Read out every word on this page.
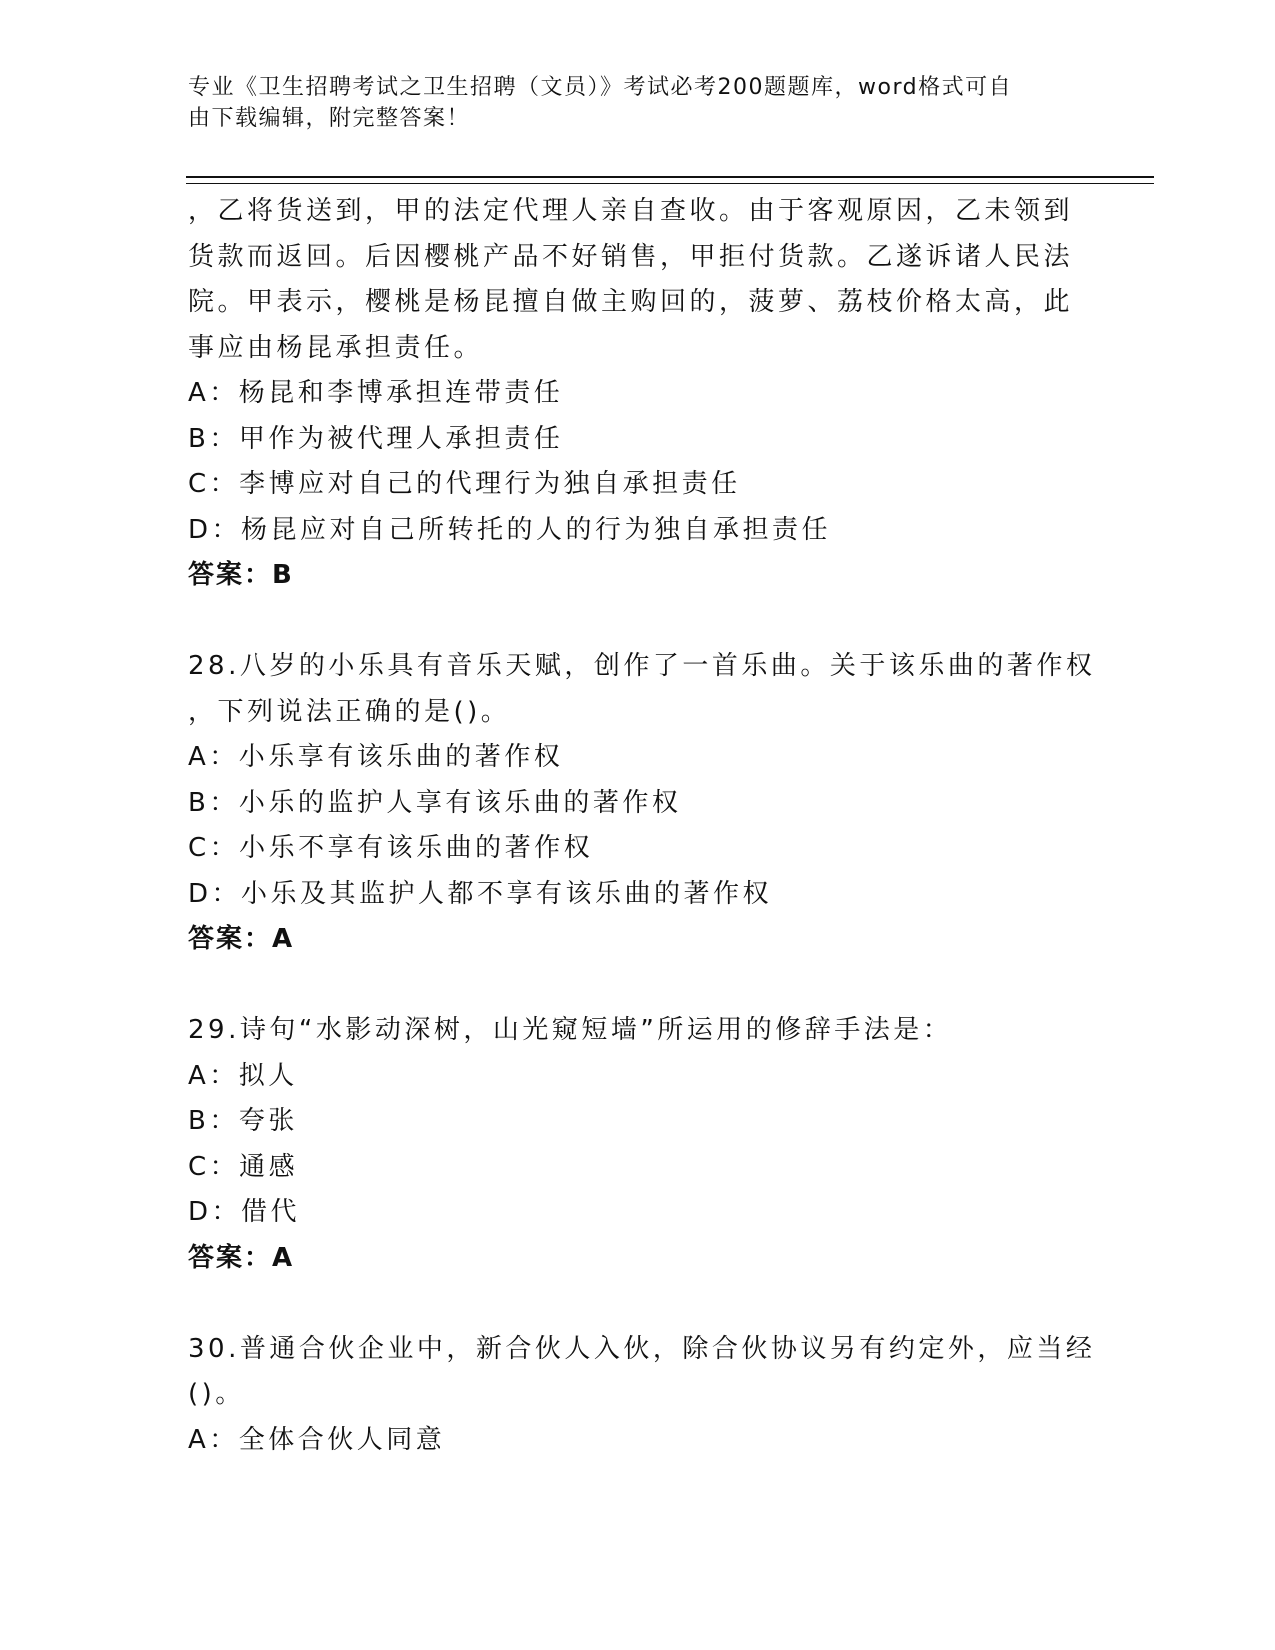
专业《卫生招聘考试之卫生招聘（文员）》考试必考200题题库，word格式可自
由下载编辑，附完整答案！
，乙将货送到，甲的法定代理人亲自查收。由于客观原因，乙未领到
货款而返回。后因樱桃产品不好销售，甲拒付货款。乙遂诉诸人民法
院。甲表示，樱桃是杨昆擅自做主购回的，菠萝、荔枝价格太高，此
事应由杨昆承担责任。
A：杨昆和李博承担连带责任
B：甲作为被代理人承担责任
C：李博应对自己的代理行为独自承担责任
D：杨昆应对自己所转托的人的行为独自承担责任
答案：B
28.八岁的小乐具有音乐天赋，创作了一首乐曲。关于该乐曲的著作权
，下列说法正确的是()。
A：小乐享有该乐曲的著作权
B：小乐的监护人享有该乐曲的著作权
C：小乐不享有该乐曲的著作权
D：小乐及其监护人都不享有该乐曲的著作权
答案：A
29.诗句“水影动深树，山光窥短墙”所运用的修辞手法是：
A：拟人
B：夸张
C：通感
D：借代
答案：A
30.普通合伙企业中，新合伙人入伙，除合伙协议另有约定外，应当经
()。
A：全体合伙人同意
